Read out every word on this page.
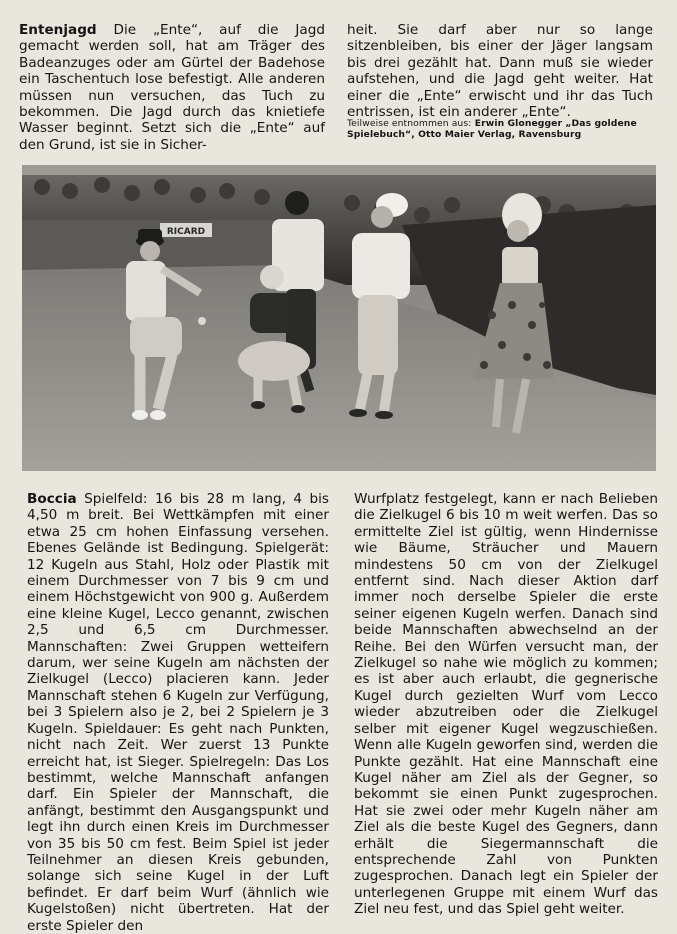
Entenjagd Die „Ente“, auf die Jagd gemacht werden soll, hat am Träger des Badeanzuges oder am Gürtel der Badehose ein Taschentuch lose befestigt. Alle anderen müssen nun versuchen, das Tuch zu bekommen. Die Jagd durch das knietiefe Wasser beginnt. Setzt sich die „Ente“ auf den Grund, ist sie in Sicher-
heit. Sie darf aber nur so lange sitzenbleiben, bis einer der Jäger langsam bis drei gezählt hat. Dann muß sie wieder aufstehen, und die Jagd geht weiter. Hat einer die „Ente“ erwischt und ihr das Tuch entrissen, ist ein anderer „Ente“.
Teilweise entnommen aus: Erwin Glonegger „Das goldene Spielebuch“, Otto Maier Verlag, Ravensburg
RICARD
Boccia Spielfeld: 16 bis 28 m lang, 4 bis 4,50 m breit. Bei Wettkämpfen mit einer etwa 25 cm hohen Einfassung versehen. Ebenes Gelände ist Bedingung. Spielgerät: 12 Kugeln aus Stahl, Holz oder Plastik mit einem Durchmesser von 7 bis 9 cm und einem Höchstgewicht von 900 g. Außerdem eine kleine Kugel, Lecco genannt, zwischen 2,5 und 6,5 cm Durchmesser. Mannschaften: Zwei Gruppen wetteifern darum, wer seine Kugeln am nächsten der Zielkugel (Lecco) placieren kann. Jeder Mannschaft stehen 6 Kugeln zur Verfügung, bei 3 Spielern also je 2, bei 2 Spielern je 3 Kugeln. Spieldauer: Es geht nach Punkten, nicht nach Zeit. Wer zuerst 13 Punkte erreicht hat, ist Sieger. Spielregeln: Das Los bestimmt, welche Mannschaft anfangen darf. Ein Spieler der Mannschaft, die anfängt, bestimmt den Ausgangspunkt und legt ihn durch einen Kreis im Durchmesser von 35 bis 50 cm fest. Beim Spiel ist jeder Teilnehmer an diesen Kreis gebunden, solange sich seine Kugel in der Luft befindet. Er darf beim Wurf (ähnlich wie Kugelstoßen) nicht übertreten. Hat der erste Spieler den
Wurfplatz festgelegt, kann er nach Belieben die Zielkugel 6 bis 10 m weit werfen. Das so ermittelte Ziel ist gültig, wenn Hindernisse wie Bäume, Sträucher und Mauern mindestens 50 cm von der Zielkugel entfernt sind. Nach dieser Aktion darf immer noch derselbe Spieler die erste seiner eigenen Kugeln werfen. Danach sind beide Mannschaften abwechselnd an der Reihe. Bei den Würfen versucht man, der Zielkugel so nahe wie möglich zu kommen; es ist aber auch erlaubt, die gegnerische Kugel durch gezielten Wurf vom Lecco wieder abzutreiben oder die Zielkugel selber mit eigener Kugel wegzuschießen. Wenn alle Kugeln geworfen sind, werden die Punkte gezählt. Hat eine Mannschaft eine Kugel näher am Ziel als der Gegner, so bekommt sie einen Punkt zugesprochen. Hat sie zwei oder mehr Kugeln näher am Ziel als die beste Kugel des Gegners, dann erhält die Siegermannschaft die entsprechende Zahl von Punkten zugesprochen. Danach legt ein Spieler der unterlegenen Gruppe mit einem Wurf das Ziel neu fest, und das Spiel geht weiter.
